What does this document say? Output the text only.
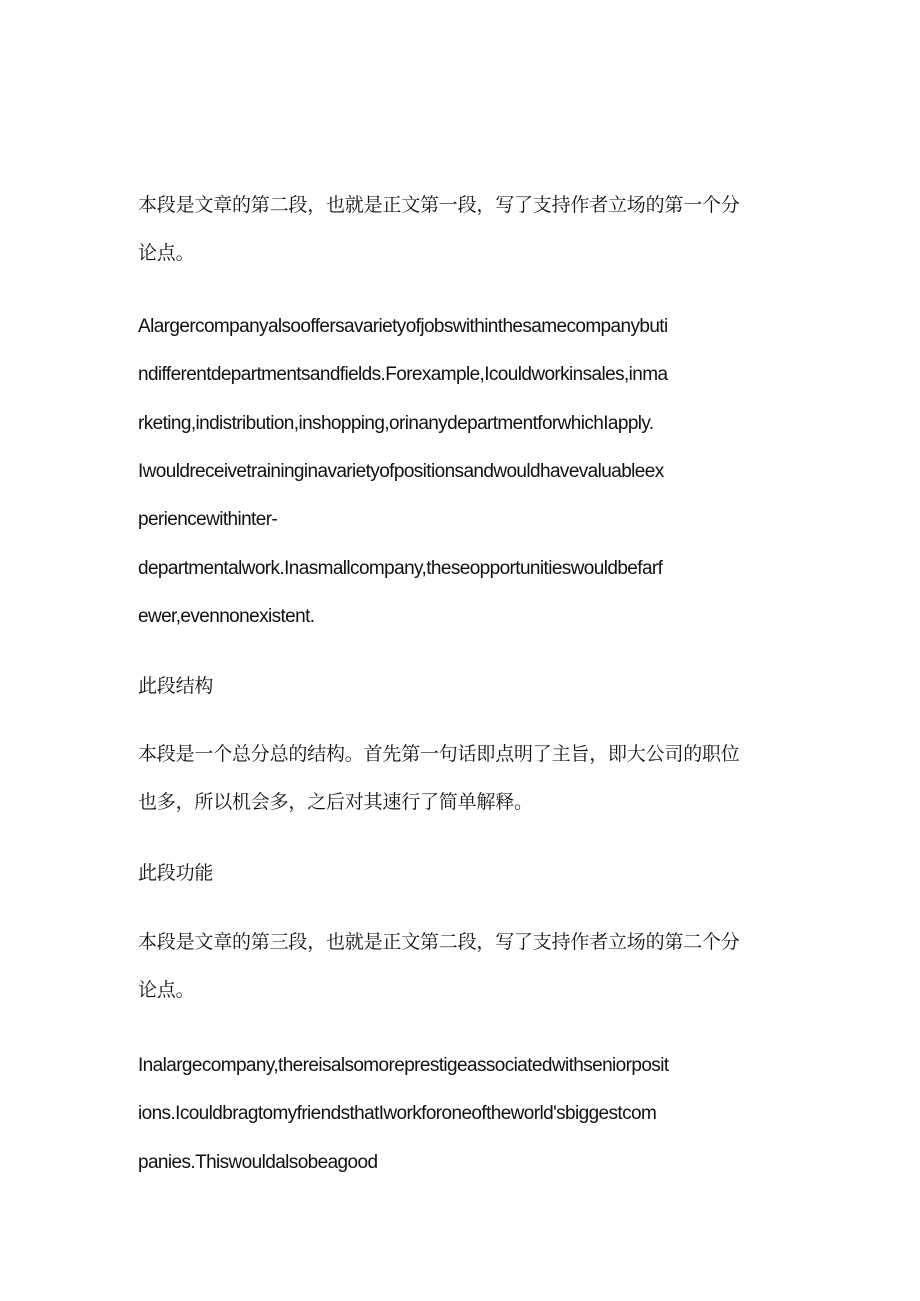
本段是文章的第二段，也就是正文第一段，写了支持作者立场的第一个分
论点。
Alargercompanyalsooffersavarietyofjobswithinthesamecompanybuti
ndifferentdepartmentsandfields.Forexample,Icouldworkinsales,inma
rketing,indistribution,inshopping,orinanydepartmentforwhichIapply.
Iwouldreceivetraininginavarietyofpositionsandwouldhavevaluableex
periencewithinter-
departmentalwork.Inasmallcompany,theseopportunitieswouldbefarf
ewer,evennonexistent.
此段结构
本段是一个总分总的结构。首先第一句话即点明了主旨，即大公司的职位
也多，所以机会多，之后对其速行了简单解释。
此段功能
本段是文章的第三段，也就是正文第二段，写了支持作者立场的第二个分
论点。
Inalargecompany,thereisalsomoreprestigeassociatedwithseniorposit
ions.IcouldbragtomyfriendsthatIworkforoneoftheworld'sbiggestcom
panies.Thiswouldalsobeagood
